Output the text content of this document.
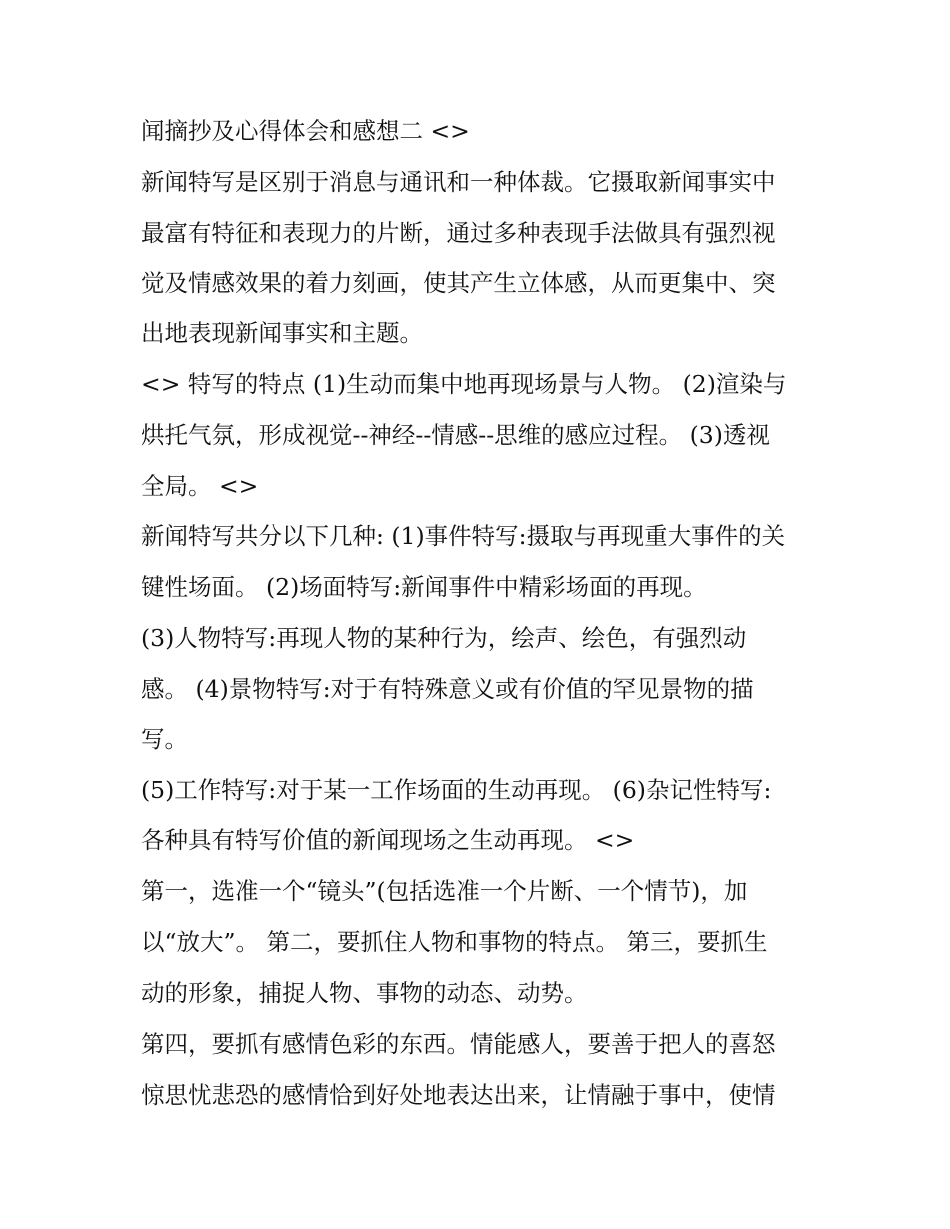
闻摘抄及心得体会和感想二 <>
新闻特写是区别于消息与通讯和一种体裁。它摄取新闻事实中
最富有特征和表现力的片断，通过多种表现手法做具有强烈视
觉及情感效果的着力刻画，使其产生立体感，从而更集中、突
出地表现新闻事实和主题。
<> 特写的特点 (1)生动而集中地再现场景与人物。 (2)渲染与
烘托气氛，形成视觉--神经--情感--思维的感应过程。 (3)透视
全局。 <>
新闻特写共分以下几种: (1)事件特写:摄取与再现重大事件的关
键性场面。 (2)场面特写:新闻事件中精彩场面的再现。
(3)人物特写:再现人物的某种行为，绘声、绘色，有强烈动
感。 (4)景物特写:对于有特殊意义或有价值的罕见景物的描
写。
(5)工作特写:对于某一工作场面的生动再现。 (6)杂记性特写:
各种具有特写价值的新闻现场之生动再现。 <>
第一，选准一个“镜头”(包括选准一个片断、一个情节)，加
以“放大”。 第二，要抓住人物和事物的特点。 第三，要抓生
动的形象，捕捉人物、事物的动态、动势。
第四，要抓有感情色彩的东西。情能感人，要善于把人的喜怒
惊思忧悲恐的感情恰到好处地表达出来，让情融于事中，使情
